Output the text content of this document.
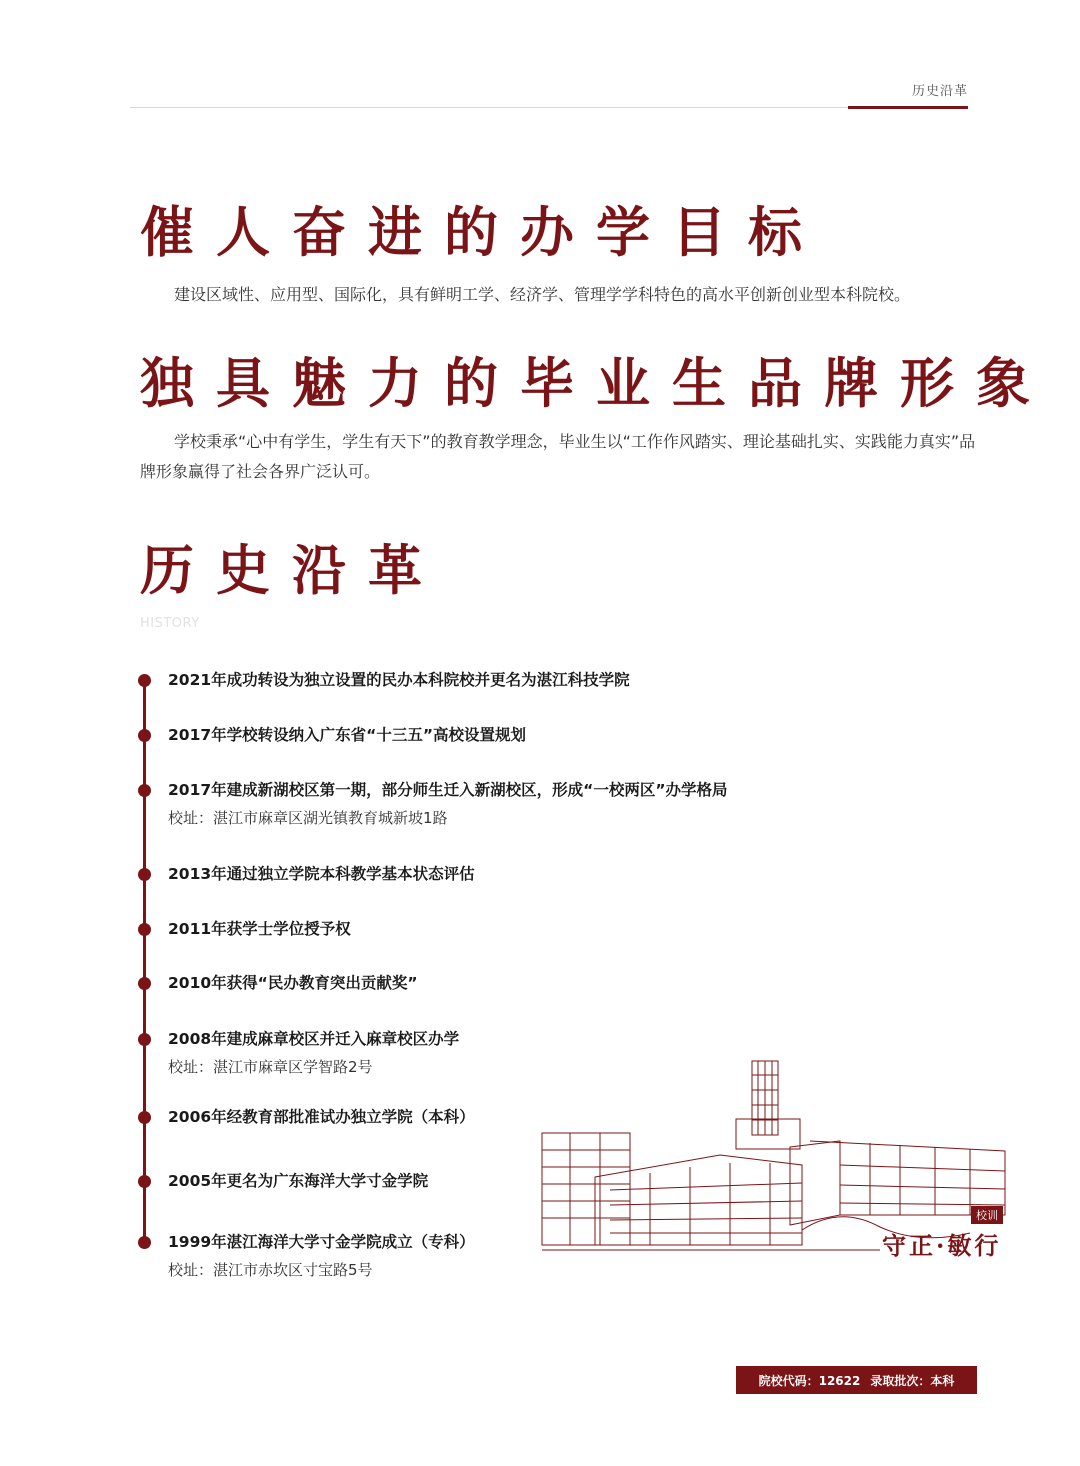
历史沿革
催人奋进的办学目标
建设区域性、应用型、国际化，具有鲜明工学、经济学、管理学学科特色的高水平创新创业型本科院校。
独具魅力的毕业生品牌形象
学校秉承“心中有学生，学生有天下”的教育教学理念，毕业生以“工作作风踏实、理论基础扎实、实践能力真实”品牌形象赢得了社会各界广泛认可。
历史沿革
HISTORY
2021年成功转设为独立设置的民办本科院校并更名为湛江科技学院
2017年学校转设纳入广东省“十三五”高校设置规划
2017年建成新湖校区第一期，部分师生迁入新湖校区，形成“一校两区”办学格局
校址：湛江市麻章区湖光镇教育城新坡1路
2013年通过独立学院本科教学基本状态评估
2011年获学士学位授予权
2010年获得“民办教育突出贡献奖”
2008年建成麻章校区并迁入麻章校区办学
校址：湛江市麻章区学智路2号
2006年经教育部批准试办独立学院（本科）
2005年更名为广东海洋大学寸金学院
1999年湛江海洋大学寸金学院成立（专科）
校址：湛江市赤坎区寸宝路5号
校训
守正·敏行
院校代码：12622 录取批次：本科
